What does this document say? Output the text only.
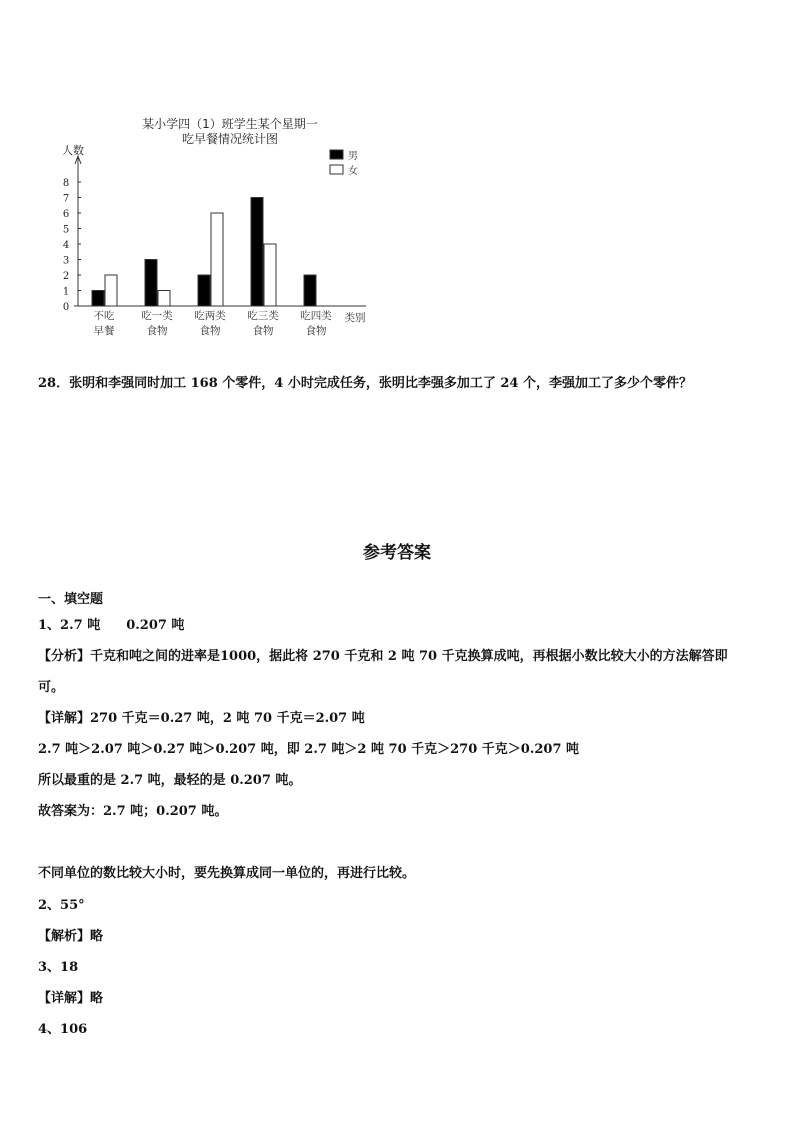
某小学四（1）班学生某个星期一
吃早餐情况统计图
人数
0
1
2
3
4
5
6
7
8
不吃
早餐
吃一类
食物
吃两类
食物
吃三类
食物
吃四类
食物
类别
男
女
28．张明和李强同时加工 168 个零件，4 小时完成任务，张明比李强多加工了 24 个，李强加工了多少个零件？
参考答案
一、填空题
1、2.7 吨 0.207 吨
【分析】千克和吨之间的进率是1000，据此将 270 千克和 2 吨 70 千克换算成吨，再根据小数比较大小的方法解答即
可。
【详解】270 千克＝0.27 吨，2 吨 70 千克＝2.07 吨
2.7 吨＞2.07 吨＞0.27 吨＞0.207 吨，即 2.7 吨＞2 吨 70 千克＞270 千克＞0.207 吨
所以最重的是 2.7 吨，最轻的是 0.207 吨。
故答案为：2.7 吨；0.207 吨。
不同单位的数比较大小时，要先换算成同一单位的，再进行比较。
2、55°
【解析】略
3、18
【详解】略
4、106
